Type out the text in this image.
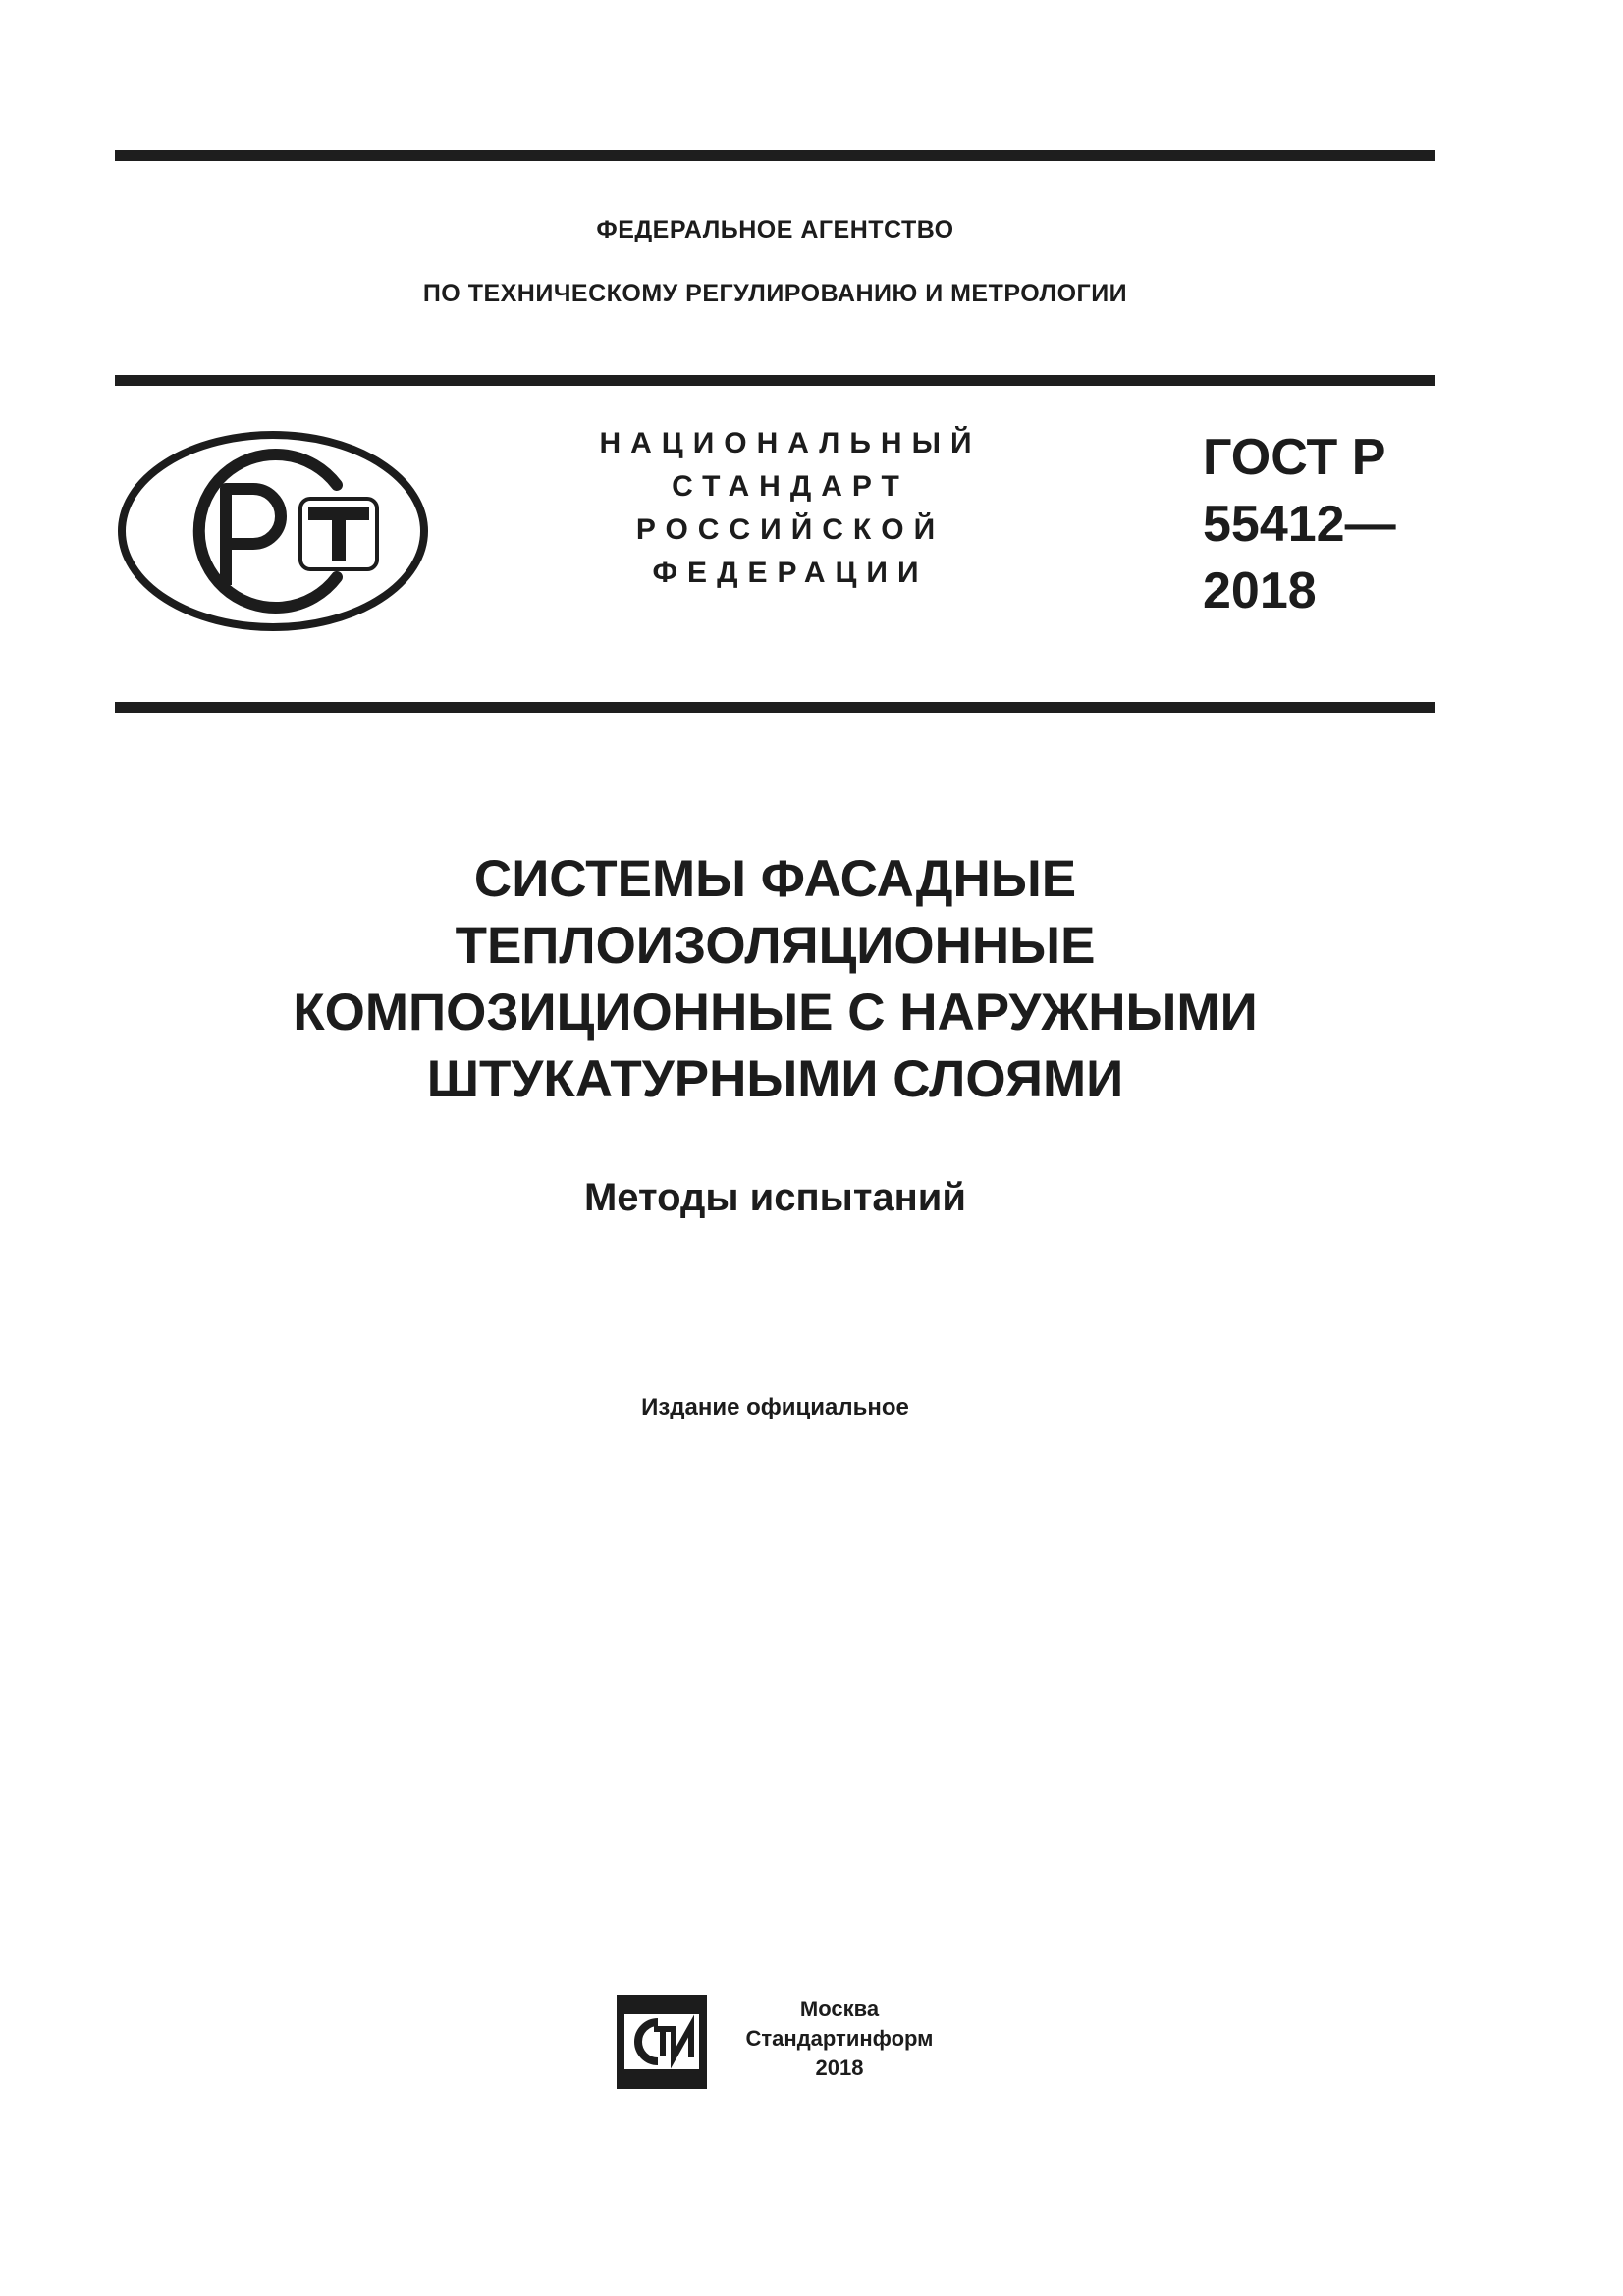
ФЕДЕРАЛЬНОЕ АГЕНТСТВО
ПО ТЕХНИЧЕСКОМУ РЕГУЛИРОВАНИЮ И МЕТРОЛОГИИ
НАЦИОНАЛЬНЫЙ
СТАНДАРТ
РОССИЙСКОЙ
ФЕДЕРАЦИИ
ГОСТ Р
55412—
2018
СИСТЕМЫ ФАСАДНЫЕ
ТЕПЛОИЗОЛЯЦИОННЫЕ
КОМПОЗИЦИОННЫЕ С НАРУЖНЫМИ
ШТУКАТУРНЫМИ СЛОЯМИ
Методы испытаний
Издание официальное
Москва
Стандартинформ
2018
